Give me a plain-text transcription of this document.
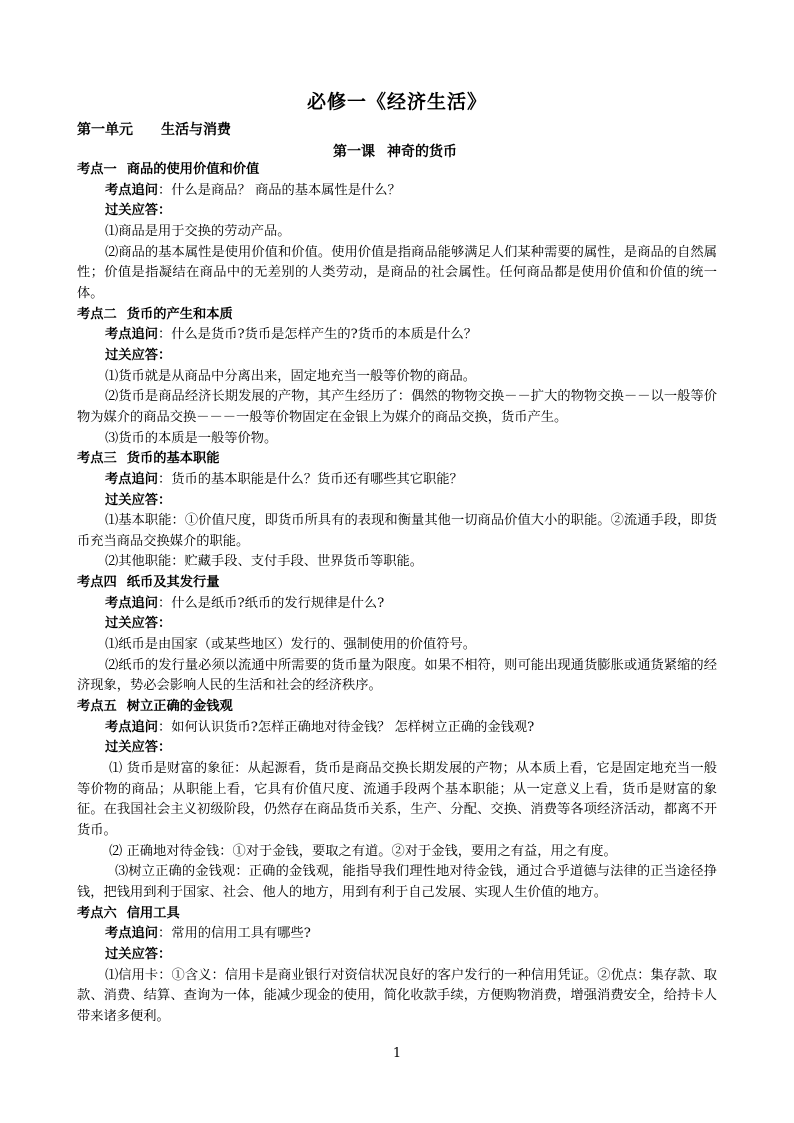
必修一《经济生活》
第一单元 生活与消费
第一课 神奇的货币

考点一 商品的使用价值和价值

考点追问：什么是商品？ 商品的基本属性是什么？

过关应答：

⑴商品是用于交换的劳动产品。

⑵商品的基本属性是使用价值和价值。使用价值是指商品能够满足人们某种需要的属性，是商品的自然属性；价值是指凝结在商品中的无差别的人类劳动，是商品的社会属性。任何商品都是使用价值和价值的统一体。

考点二 货币的产生和本质

考点追问：什么是货币?货币是怎样产生的?货币的本质是什么？

过关应答：

⑴货币就是从商品中分离出来，固定地充当一般等价物的商品。

⑵货币是商品经济长期发展的产物，其产生经历了：偶然的物物交换－－扩大的物物交换－－以一般等价物为媒介的商品交换－－－一般等价物固定在金银上为媒介的商品交换，货币产生。

⑶货币的本质是一般等价物。

考点三 货币的基本职能

考点追问：货币的基本职能是什么？货币还有哪些其它职能？

过关应答：

⑴基本职能：①价值尺度，即货币所具有的表现和衡量其他一切商品价值大小的职能。②流通手段，即货币充当商品交换媒介的职能。

⑵其他职能：贮藏手段、支付手段、世界货币等职能。

考点四 纸币及其发行量

考点追问：什么是纸币?纸币的发行规律是什么?

过关应答：

⑴纸币是由国家（或某些地区）发行的、强制使用的价值符号。

⑵纸币的发行量必须以流通中所需要的货币量为限度。如果不相符，则可能出现通货膨胀或通货紧缩的经济现象，势必会影响人民的生活和社会的经济秩序。

考点五 树立正确的金钱观

考点追问：如何认识货币?怎样正确地对待金钱？ 怎样树立正确的金钱观?

过关应答：

⑴ 货币是财富的象征：从起源看，货币是商品交换长期发展的产物；从本质上看，它是固定地充当一般等价物的商品；从职能上看，它具有价值尺度、流通手段两个基本职能；从一定意义上看，货币是财富的象征。在我国社会主义初级阶段，仍然存在商品货币关系，生产、分配、交换、消费等各项经济活动，都离不开货币。

⑵ 正确地对待金钱：①对于金钱，要取之有道。②对于金钱，要用之有益，用之有度。

⑶树立正确的金钱观：正确的金钱观，能指导我们理性地对待金钱，通过合乎道德与法律的正当途径挣钱，把钱用到利于国家、社会、他人的地方，用到有利于自己发展、实现人生价值的地方。

考点六 信用工具

考点追问：常用的信用工具有哪些?

过关应答：

⑴信用卡：①含义：信用卡是商业银行对资信状况良好的客户发行的一种信用凭证。②优点：集存款、取款、消费、结算、查询为一体，能减少现金的使用，简化收款手续，方便购物消费，增强消费安全，给持卡人带来诸多便利。

1
